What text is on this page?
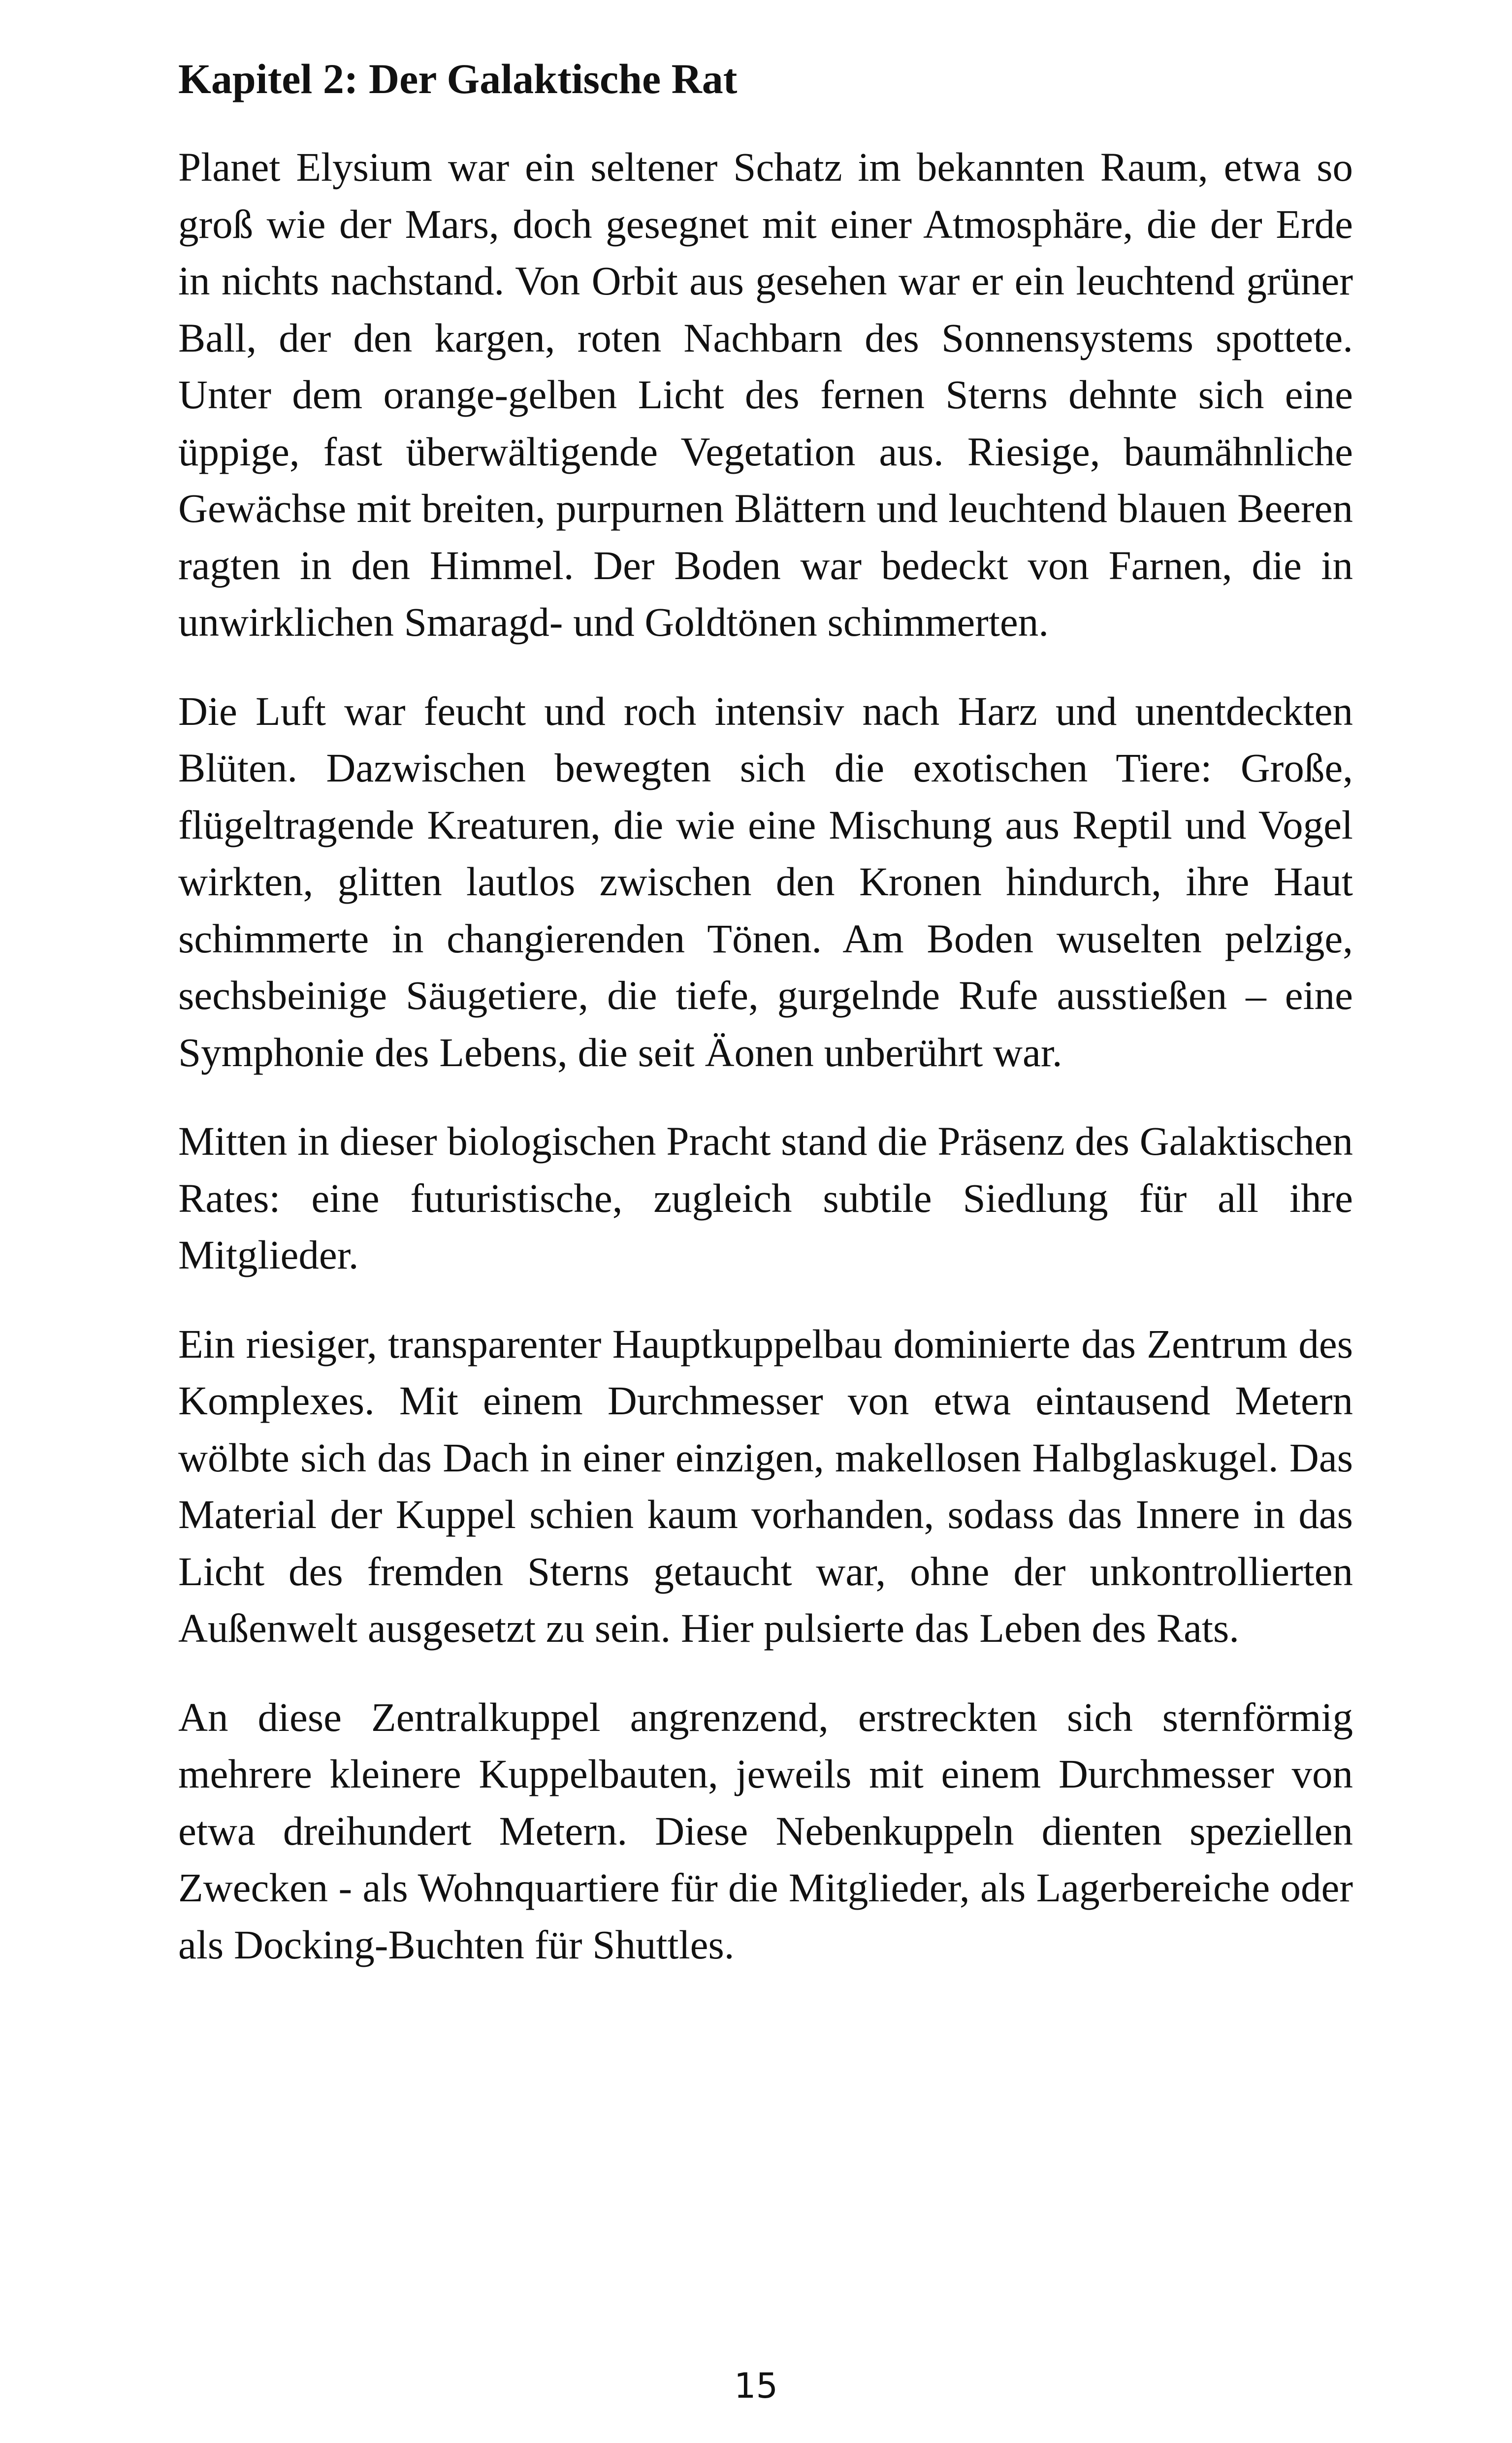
Kapitel 2: Der Galaktische Rat

Planet Elysium war ein seltener Schatz im bekannten Raum, etwa so groß wie der Mars, doch gesegnet mit einer Atmosphäre, die der Erde in nichts nachstand. Von Orbit aus gesehen war er ein leuchtend grüner Ball, der den kargen, roten Nachbarn des Sonnensystems spottete. Unter dem orange-gelben Licht des fernen Sterns dehnte sich eine üppige, fast überwältigende Vegetation aus. Riesige, baumähnliche Gewächse mit breiten, purpurnen Blättern und leuchtend blauen Beeren ragten in den Himmel. Der Boden war bedeckt von Farnen, die in unwirklichen Smaragd- und Goldtönen schimmerten.

Die Luft war feucht und roch intensiv nach Harz und unentdeckten Blüten. Dazwischen bewegten sich die exotischen Tiere: Große, flügeltragende Kreaturen, die wie eine Mischung aus Reptil und Vogel wirkten, glitten lautlos zwischen den Kronen hindurch, ihre Haut schimmerte in changierenden Tönen. Am Boden wuselten pelzige, sechsbeinige Säugetiere, die tiefe, gurgelnde Rufe ausstießen – eine Symphonie des Lebens, die seit Äonen unberührt war.

Mitten in dieser biologischen Pracht stand die Präsenz des Galaktischen Rates: eine futuristische, zugleich subtile Siedlung für all ihre Mitglieder.

Ein riesiger, transparenter Hauptkuppelbau dominierte das Zentrum des Komplexes. Mit einem Durchmesser von etwa eintausend Metern wölbte sich das Dach in einer einzigen, makellosen Halbglaskugel. Das Material der Kuppel schien kaum vorhanden, sodass das Innere in das Licht des fremden Sterns getaucht war, ohne der unkontrollierten Außenwelt ausgesetzt zu sein. Hier pulsierte das Leben des Rats.

An diese Zentralkuppel angrenzend, erstreckten sich sternförmig mehrere kleinere Kuppelbauten, jeweils mit einem Durchmesser von etwa dreihundert Metern. Diese Nebenkuppeln dienten speziellen Zwecken - als Wohnquartiere für die Mitglieder, als Lagerbereiche oder als Docking-Buchten für Shuttles.

15
